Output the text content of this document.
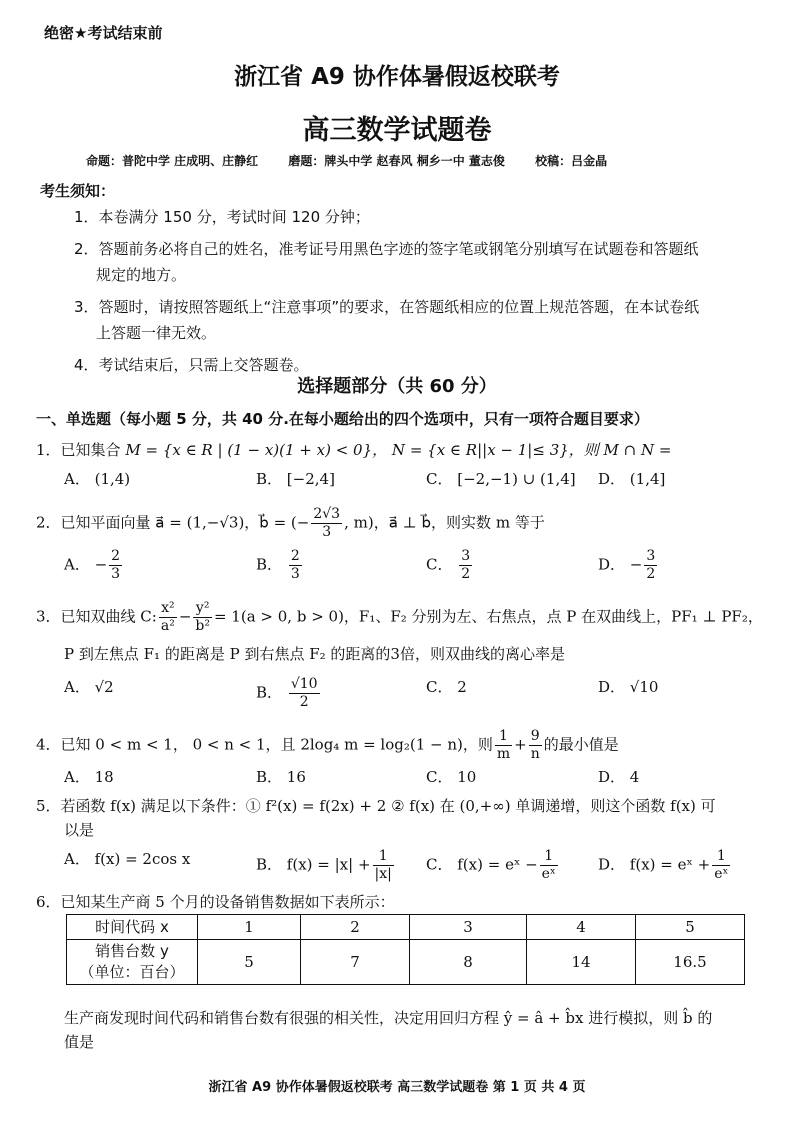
绝密★考试结束前
浙江省 A9 协作体暑假返校联考
高三数学试题卷
命题：普陀中学 庄成明、庄静红	磨题：牌头中学 赵春风 桐乡一中 董志俊	校稿：吕金晶
考生须知：
1．本卷满分 150 分，考试时间 120 分钟；
2．答题前务必将自己的姓名，准考证号用黑色字迹的签字笔或钢笔分别填写在试题卷和答题纸
规定的地方。
3．答题时，请按照答题纸上“注意事项”的要求，在答题纸相应的位置上规范答题，在本试卷纸
上答题一律无效。
4．考试结束后，只需上交答题卷。
选择题部分（共 60 分）
一、单选题（每小题 5 分，共 40 分.在每小题给出的四个选项中，只有一项符合题目要求）
1．已知集合 M = {x ∈ R | (1 − x)(1 + x) < 0}， N = {x ∈ R||x − 1|≤ 3}，则 M ∩ N =
A． (1,4)	B． [−2,4]	C． [−2,−1) ∪ (1,4] D． (1,4]
2．已知平面向量 a⃗ = (1,−√3)，b⃗ = (− $\frac{2√3}{3}$ , m)，a⃗ ⊥ b⃗，则实数 m 等于
A． − $\frac{2}{3}$	B． $\frac{2}{3}$	C． $\frac{3}{2}$	D． − $\frac{3}{2}$
3．已知双曲线 C: $\frac{\text{x²}}{\text{a²}} - \frac{\text{y²}}{\text{b²}} = 1(a > 0$, b > 0)，F₁、F₂ 分别为左、右焦点，点 P 在双曲线上，PF₁ ⊥ PF₂，
P 到左焦点 F₁ 的距离是 P 到右焦点 F₂ 的距离的3倍，则双曲线的离心率是
A． √2	B． $\frac{√10}{2}$	C． 2	D． √10
4．已知 0 < m < 1， 0 < n < 1，且 2log₄ m = log₂(1 − n)，则 $\frac{1}{m} + \frac{9}{n}$ 的最小值是
A． 18	B． 16	C． 10	D． 4
5．若函数 f(x) 满足以下条件：① f²(x) = f(2x) + 2 ② f(x) 在 (0,+∞) 单调递增，则这个函数 f(x) 可
以是
A． f(x) = 2cos x	B． $f(x) = |x| + \frac{1}{|x|}$ C． f(x) = eˣ − $\frac{1}{\text{eˣ}}$	D． f(x) = eˣ + $\frac{1}{\text{eˣ}}$
6．已知某生产商 5 个月的设备销售数据如下表所示：
时间代码 x	1	2	3	4	5

销售台数 y
（单位：百台）	5	7	8	14	16.5
生产商发现时间代码和销售台数有很强的相关性，决定用回归方程 ŷ = â + b̂x 进行模拟，则 b̂ 的
值是
浙江省 A9 协作体暑假返校联考 高三数学试题卷 第 1 页 共 4 页
